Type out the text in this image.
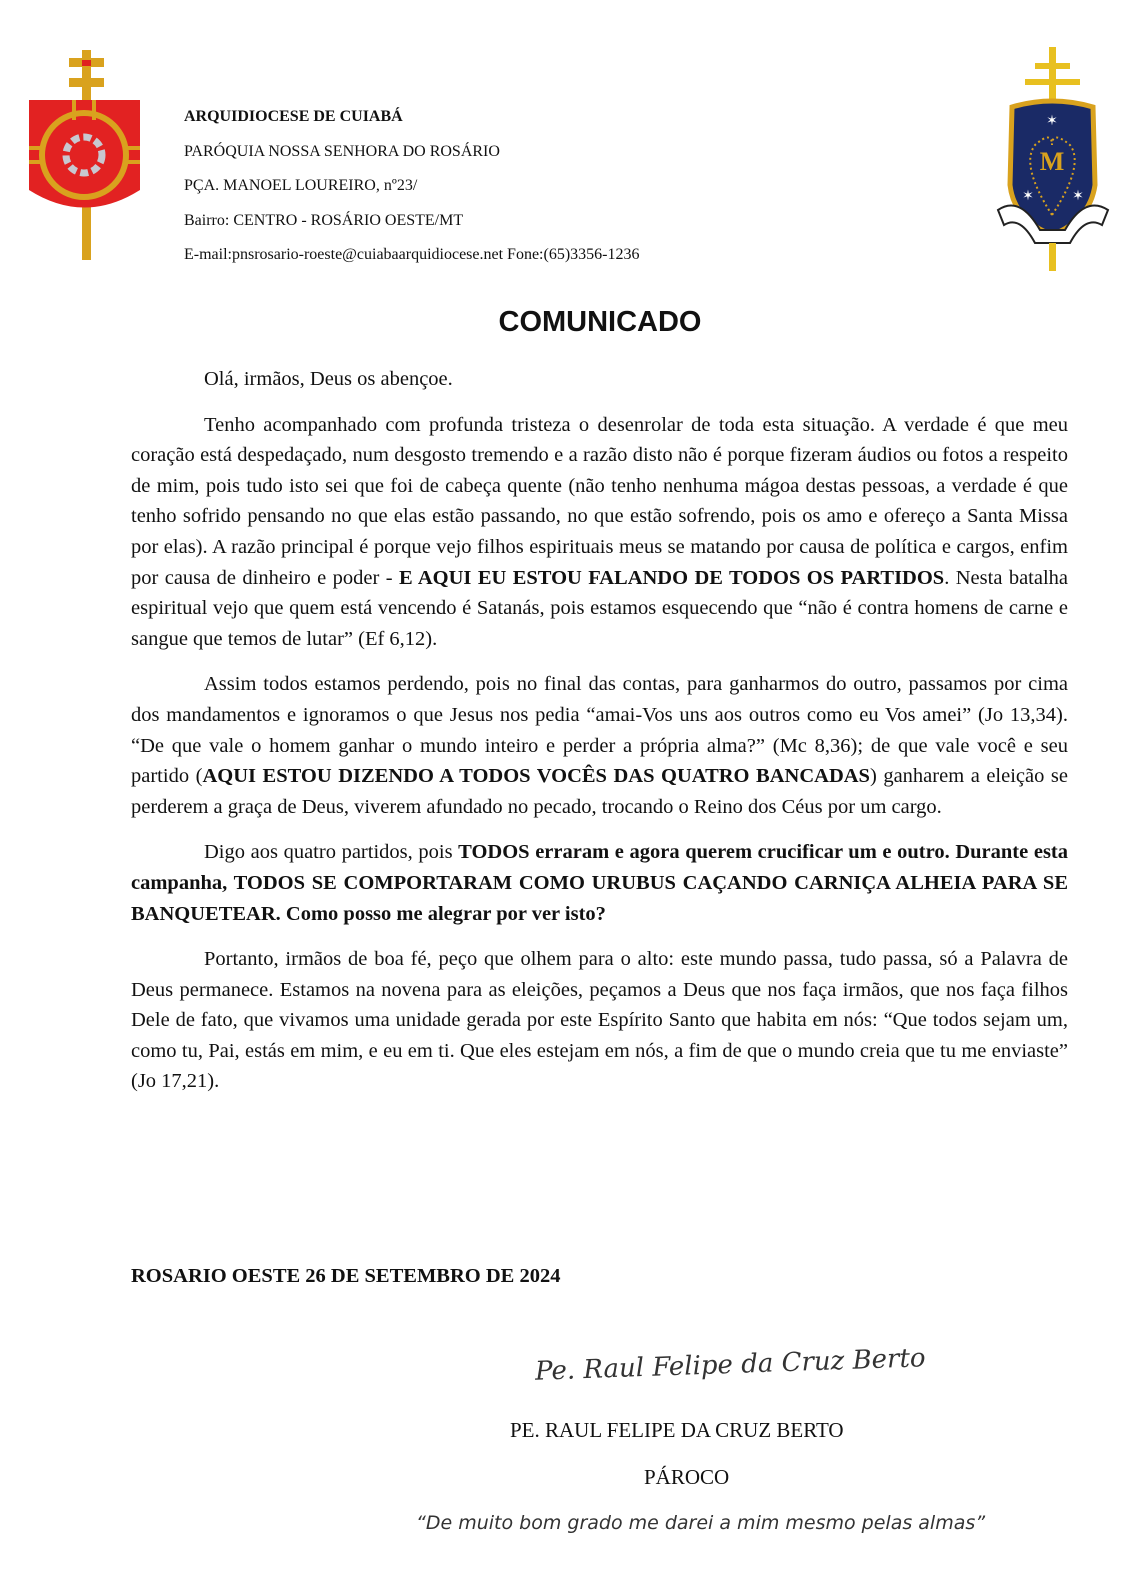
ARQUIDIOCESE DE CUIABÁ
PARÓQUIA NOSSA SENHORA DO ROSÁRIO
PÇA. MANOEL LOUREIRO, nº23/
Bairro: CENTRO - ROSÁRIO OESTE/MT
E-mail:pnsrosario-roeste@cuiabaarquidiocese.net Fone:(65)3356-1236
✶
✶	✶
M
COMUNICADO

Olá, irmãos, Deus os abençoe.

Tenho acompanhado com profunda tristeza o desenrolar de toda esta situação. A verdade é que meu coração está despedaçado, num desgosto tremendo e a razão disto não é porque fizeram áudios ou fotos a respeito de mim, pois tudo isto sei que foi de cabeça quente (não tenho nenhuma mágoa destas pessoas, a verdade é que tenho sofrido pensando no que elas estão passando, no que estão sofrendo, pois os amo e ofereço a Santa Missa por elas). A razão principal é porque vejo filhos espirituais meus se matando por causa de política e cargos, enfim por causa de dinheiro e poder - E AQUI EU ESTOU FALANDO DE TODOS OS PARTIDOS. Nesta batalha espiritual vejo que quem está vencendo é Satanás, pois estamos esquecendo que “não é contra homens de carne e sangue que temos de lutar” (Ef 6,12).

Assim todos estamos perdendo, pois no final das contas, para ganharmos do outro, passamos por cima dos mandamentos e ignoramos o que Jesus nos pedia “amai-Vos uns aos outros como eu Vos amei” (Jo 13,34). “De que vale o homem ganhar o mundo inteiro e perder a própria alma?” (Mc 8,36); de que vale você e seu partido (AQUI ESTOU DIZENDO A TODOS VOCÊS DAS QUATRO BANCADAS) ganharem a eleição se perderem a graça de Deus, viverem afundado no pecado, trocando o Reino dos Céus por um cargo.

Digo aos quatro partidos, pois TODOS erraram e agora querem crucificar um e outro. Durante esta campanha, TODOS SE COMPORTARAM COMO URUBUS CAÇANDO CARNIÇA ALHEIA PARA SE BANQUETEAR. Como posso me alegrar por ver isto?

Portanto, irmãos de boa fé, peço que olhem para o alto: este mundo passa, tudo passa, só a Palavra de Deus permanece. Estamos na novena para as eleições, peçamos a Deus que nos faça irmãos, que nos faça filhos Dele de fato, que vivamos uma unidade gerada por este Espírito Santo que habita em nós: “Que todos sejam um, como tu, Pai, estás em mim, e eu em ti. Que eles estejam em nós, a fim de que o mundo creia que tu me enviaste” (Jo 17,21).

ROSARIO OESTE 26 DE SETEMBRO DE 2024
Pe. Raul Felipe da Cruz Berto
PE. RAUL FELIPE DA CRUZ BERTO
PÁROCO
“De muito bom grado me darei a mim mesmo pelas almas”
